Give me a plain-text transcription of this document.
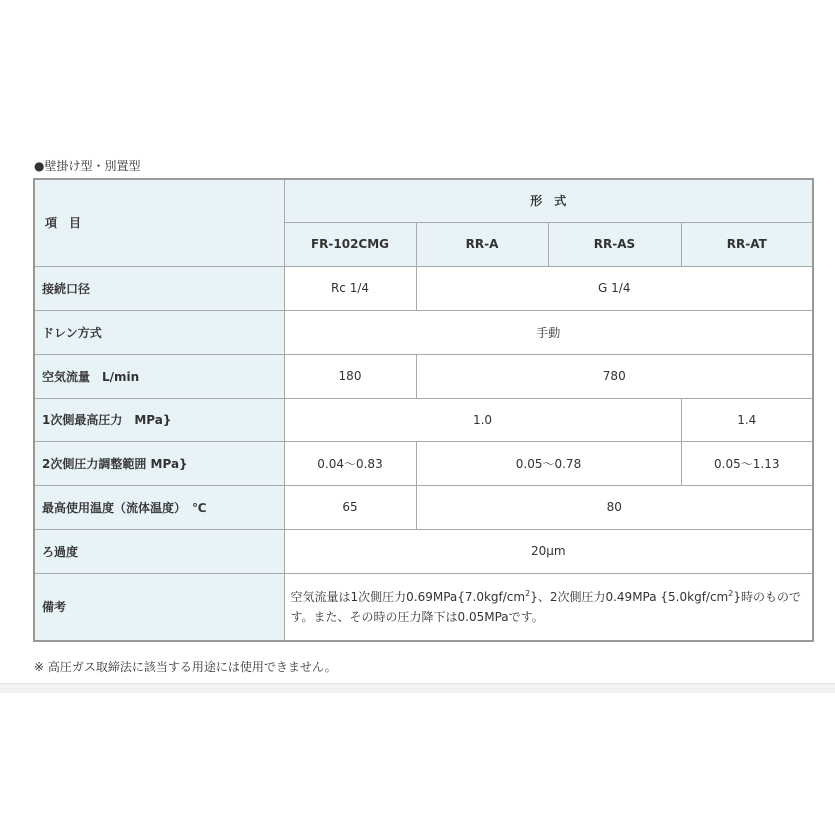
●壁掛け型・別置型
項　目	形　式			
	FR-102CMG	RR-A	RR-AS	RR-AT
接続口径	Rc 1/4	G 1/4		
ドレン方式	手動			
空気流量　L/min	180	780		
1次側最高圧力　MPa}	1.0			1.4
2次側圧力調整範囲 MPa}	0.04〜0.83	0.05〜0.78		0.05〜1.13
最高使用温度（流体温度）　℃	65	80		
ろ過度	20μm			
備考	空気流量は1次側圧力$0.69MPa\{7.0kgf/cm^2\}$、2次側圧力0.49MPa $\{5.0kgf/cm^2\}$時のものです。また、その時の圧力降下は0.05MPaです。			
※ 高圧ガス取締法に該当する用途には使用できません。
